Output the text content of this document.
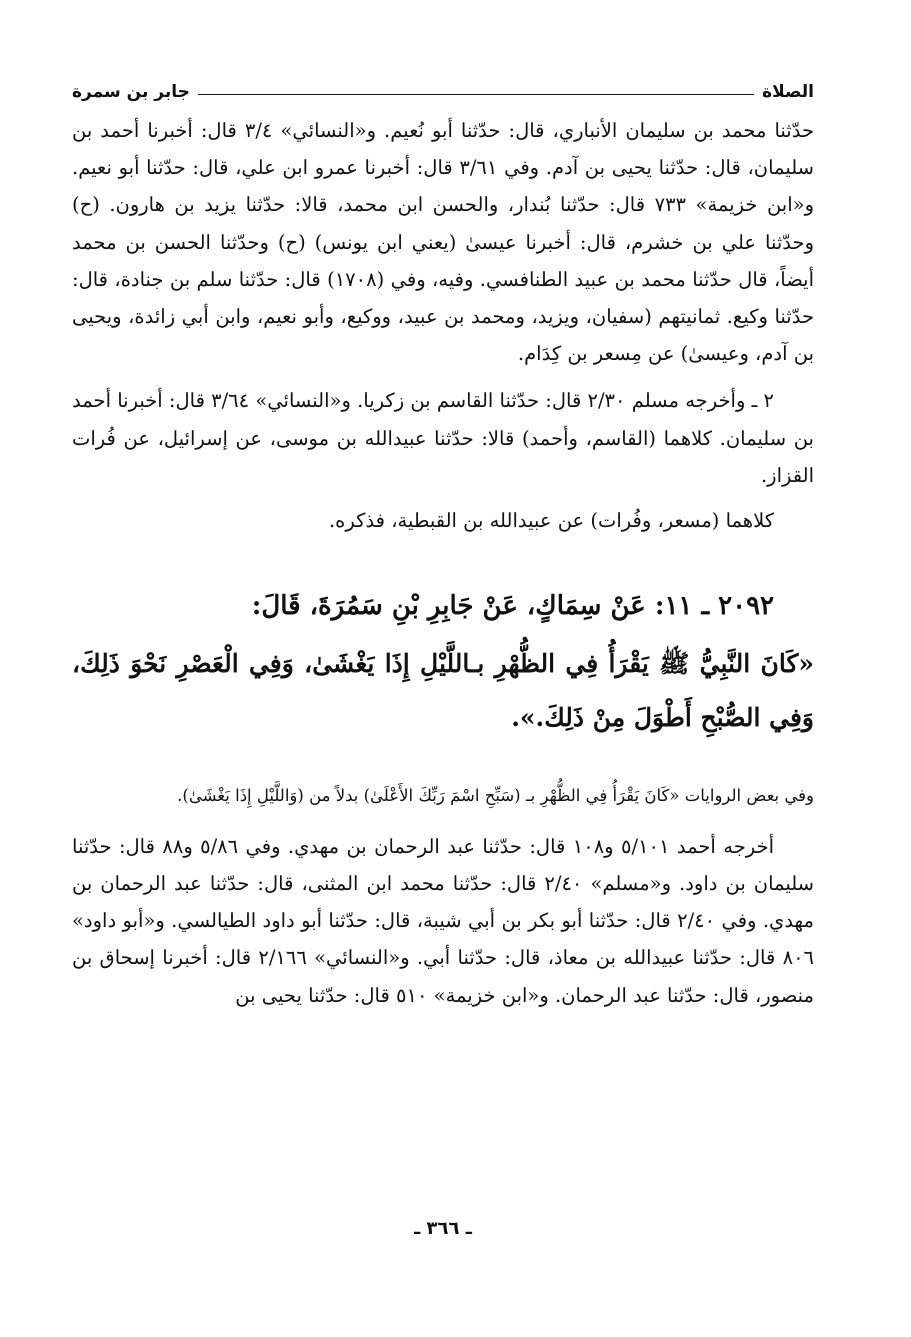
الصلاة
جابر بن سمرة

حدّثنا محمد بن سليمان الأنباري، قال: حدّثنا أبو نُعيم. و«النسائي» ٣/٤ قال: أخبرنا أحمد بن سليمان، قال: حدّثنا يحيى بن آدم. وفي ٣/٦١ قال: أخبرنا عمرو ابن علي، قال: حدّثنا أبو نعيم. و«ابن خزيمة» ٧٣٣ قال: حدّثنا بُندار، والحسن ابن محمد، قالا: حدّثنا يزيد بن هارون. (ح) وحدّثنا علي بن خشرم، قال: أخبرنا عيسىٰ (يعني ابن يونس) (ح) وحدّثنا الحسن بن محمد أيضاً، قال حدّثنا محمد بن عبيد الطنافسي. وفيه، وفي (١٧٠٨) قال: حدّثنا سلم بن جنادة، قال: حدّثنا وكيع. ثمانيتهم (سفيان، ويزيد، ومحمد بن عبيد، ووكيع، وأبو نعيم، وابن أبي زائدة، ويحيى بن آدم، وعيسىٰ) عن مِسعر بن كِدَام.

٢ ـ وأخرجه مسلم ٢/٣٠ قال: حدّثنا القاسم بن زكريا. و«النسائي» ٣/٦٤ قال: أخبرنا أحمد بن سليمان. كلاهما (القاسم، وأحمد) قالا: حدّثنا عبيدالله بن موسى، عن إسرائيل، عن فُرات القزاز.

كلاهما (مسعر، وفُرات) عن عبيدالله بن القبطية، فذكره.

٢٠٩٢ ـ ١١: عَنْ سِمَاكٍ، عَنْ جَابِرِ بْنِ سَمُرَةَ، قَالَ:

«كَانَ النَّبِيُّ ﷺ يَقْرَأُ فِي الظُّهْرِ بـاللَّيْلِ إِذَا يَغْشَىٰ، وَفِي الْعَصْرِ نَحْوَ ذَلِكَ، وَفِي الصُّبْحِ أَطْوَلَ مِنْ ذَلِكَ.».

وفي بعض الروايات «كَانَ يَقْرَأُ فِي الظُّهْرِ بـ (سَبِّحِ اسْمَ رَبِّكَ الأَعْلَىٰ) بدلاً من (وَاللَّيْلِ إِذَا يَغْشَىٰ).

أخرجه أحمد ٥/١٠١ و١٠٨ قال: حدّثنا عبد الرحمان بن مهدي. وفي ٥/٨٦ و٨٨ قال: حدّثنا سليمان بن داود. و«مسلم» ٢/٤٠ قال: حدّثنا محمد ابن المثنى، قال: حدّثنا عبد الرحمان بن مهدي. وفي ٢/٤٠ قال: حدّثنا أبو بكر بن أبي شيبة، قال: حدّثنا أبو داود الطيالسي. و«أبو داود» ٨٠٦ قال: حدّثنا عبيدالله بن معاذ، قال: حدّثنا أبي. و«النسائي» ٢/١٦٦ قال: أخبرنا إسحاق بن منصور، قال: حدّثنا عبد الرحمان. و«ابن خزيمة» ٥١٠ قال: حدّثنا يحيى بن

ـ ٣٦٦ ـ
